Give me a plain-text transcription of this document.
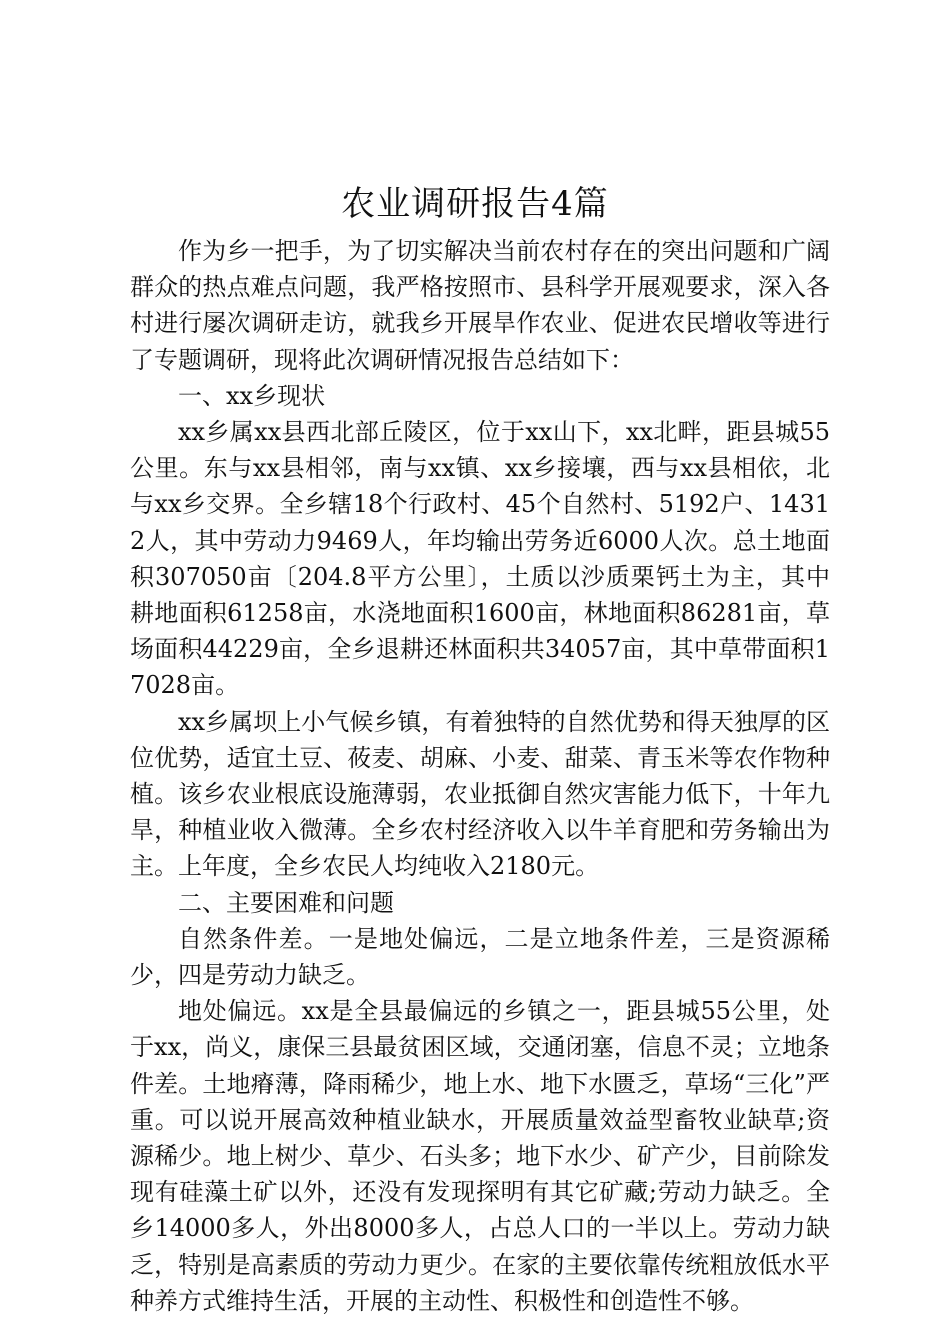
农业调研报告4篇

作为乡一把手，为了切实解决当前农村存在的突出问题和广阔群众的热点难点问题，我严格按照市、县科学开展观要求，深入各村进行屡次调研走访，就我乡开展旱作农业、促进农民增收等进行了专题调研，现将此次调研情况报告总结如下：

一、xx乡现状

xx乡属xx县西北部丘陵区，位于xx山下，xx北畔，距县城55公里。东与xx县相邻，南与xx镇、xx乡接壤，西与xx县相依，北与xx乡交界。全乡辖18个行政村、45个自然村、5192户、14312人，其中劳动力9469人，年均输出劳务近6000人次。总土地面积307050亩〔204.8平方公里〕，土质以沙质栗钙土为主，其中耕地面积61258亩，水浇地面积1600亩，林地面积86281亩，草场面积44229亩，全乡退耕还林面积共34057亩，其中草带面积17028亩。

xx乡属坝上小气候乡镇，有着独特的自然优势和得天独厚的区位优势，适宜土豆、莜麦、胡麻、小麦、甜菜、青玉米等农作物种植。该乡农业根底设施薄弱，农业抵御自然灾害能力低下，十年九旱，种植业收入微薄。全乡农村经济收入以牛羊育肥和劳务输出为主。上年度，全乡农民人均纯收入2180元。

二、主要困难和问题

自然条件差。一是地处偏远，二是立地条件差，三是资源稀少，四是劳动力缺乏。

地处偏远。xx是全县最偏远的乡镇之一，距县城55公里，处于xx，尚义，康保三县最贫困区域，交通闭塞，信息不灵；立地条件差。土地瘠薄，降雨稀少，地上水、地下水匮乏，草场“三化”严重。可以说开展高效种植业缺水，开展质量效益型畜牧业缺草;资源稀少。地上树少、草少、石头多；地下水少、矿产少，目前除发现有硅藻土矿以外，还没有发现探明有其它矿藏;劳动力缺乏。全乡14000多人，外出8000多人，占总人口的一半以上。劳动力缺乏，特别是高素质的劳动力更少。在家的主要依靠传统粗放低水平种养方式维持生活，开展的主动性、积极性和创造性不够。
